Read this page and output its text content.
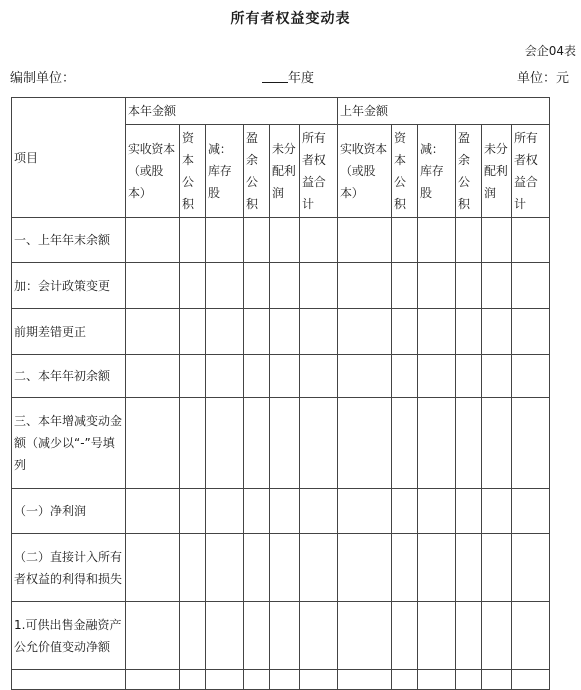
所有者权益变动表
会企04表
编制单位：	年度	单位：元
项目	本年金额						上年金额					
	实收资本（或股本）	资本公积	减：库存股	盈余公积	未分配利润	所有者权益合计	实收资本（或股本）	资本公积	减：库存股	盈余公积	未分配利润	所有者权益合计
一、上年年末余额												
加：会计政策变更												
前期差错更正												
二、本年年初余额												
三、本年增减变动金额（减少以“-”号填列												
（一）净利润												
（二）直接计入所有者权益的利得和损失												
1.可供出售金融资产公允价值变动净额												
